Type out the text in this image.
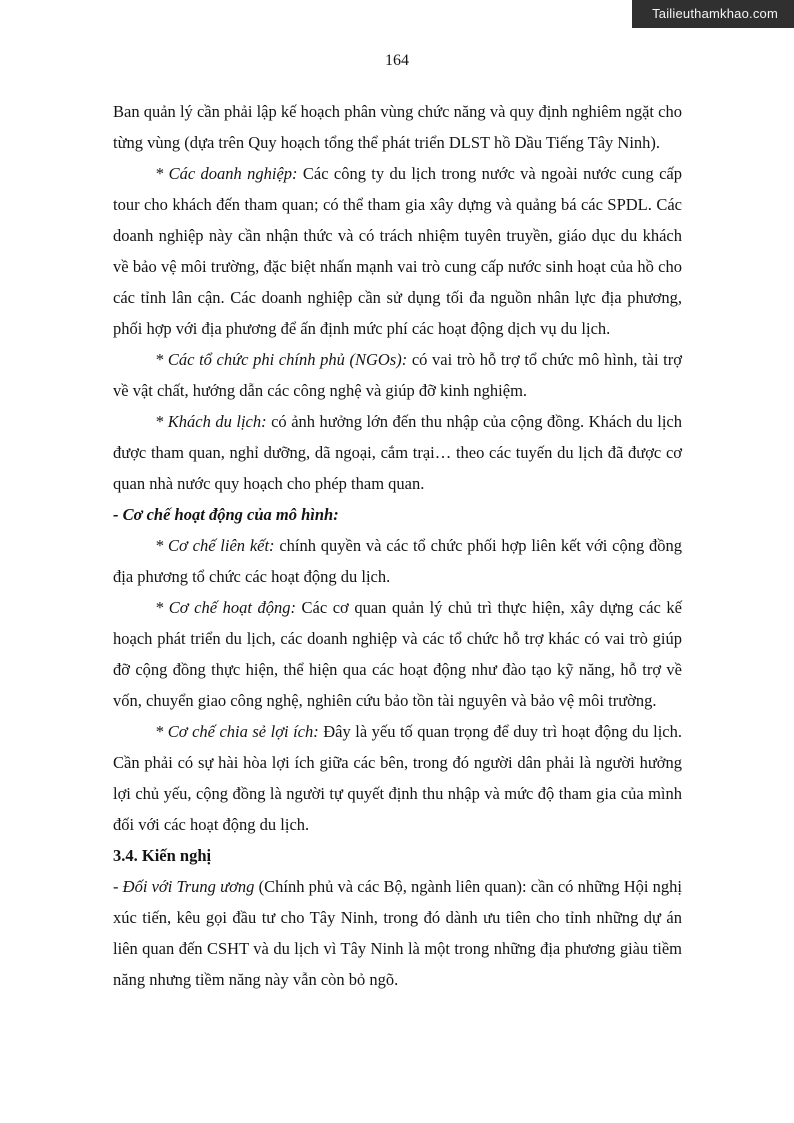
Tailieuthamkhao.com
164

Ban quản lý cần phải lập kế hoạch phân vùng chức năng và quy định nghiêm ngặt cho từng vùng (dựa trên Quy hoạch tổng thể phát triển DLST hồ Dầu Tiếng Tây Ninh).

* Các doanh nghiệp: Các công ty du lịch trong nước và ngoài nước cung cấp tour cho khách đến tham quan; có thể tham gia xây dựng và quảng bá các SPDL. Các doanh nghiệp này cần nhận thức và có trách nhiệm tuyên truyền, giáo dục du khách về bảo vệ môi trường, đặc biệt nhấn mạnh vai trò cung cấp nước sinh hoạt của hồ cho các tỉnh lân cận. Các doanh nghiệp cần sử dụng tối đa nguồn nhân lực địa phương, phối hợp với địa phương để ấn định mức phí các hoạt động dịch vụ du lịch.

* Các tổ chức phi chính phủ (NGOs): có vai trò hỗ trợ tổ chức mô hình, tài trợ về vật chất, hướng dẫn các công nghệ và giúp đỡ kinh nghiệm.

* Khách du lịch: có ảnh hưởng lớn đến thu nhập của cộng đồng. Khách du lịch được tham quan, nghỉ dưỡng, dã ngoại, cắm trại… theo các tuyến du lịch đã được cơ quan nhà nước quy hoạch cho phép tham quan.

- Cơ chế hoạt động của mô hình:

* Cơ chế liên kết: chính quyền và các tổ chức phối hợp liên kết với cộng đồng địa phương tổ chức các hoạt động du lịch.

* Cơ chế hoạt động: Các cơ quan quản lý chủ trì thực hiện, xây dựng các kế hoạch phát triển du lịch, các doanh nghiệp và các tổ chức hỗ trợ khác có vai trò giúp đỡ cộng đồng thực hiện, thể hiện qua các hoạt động như đào tạo kỹ năng, hỗ trợ về vốn, chuyển giao công nghệ, nghiên cứu bảo tồn tài nguyên và bảo vệ môi trường.

* Cơ chế chia sẻ lợi ích: Đây là yếu tố quan trọng để duy trì hoạt động du lịch. Cần phải có sự hài hòa lợi ích giữa các bên, trong đó người dân phải là người hưởng lợi chủ yếu, cộng đồng là người tự quyết định thu nhập và mức độ tham gia của mình đối với các hoạt động du lịch.

3.4. Kiến nghị

- Đối với Trung ương (Chính phủ và các Bộ, ngành liên quan): cần có những Hội nghị xúc tiến, kêu gọi đầu tư cho Tây Ninh, trong đó dành ưu tiên cho tỉnh những dự án liên quan đến CSHT và du lịch vì Tây Ninh là một trong những địa phương giàu tiềm năng nhưng tiềm năng này vẫn còn bỏ ngõ.
